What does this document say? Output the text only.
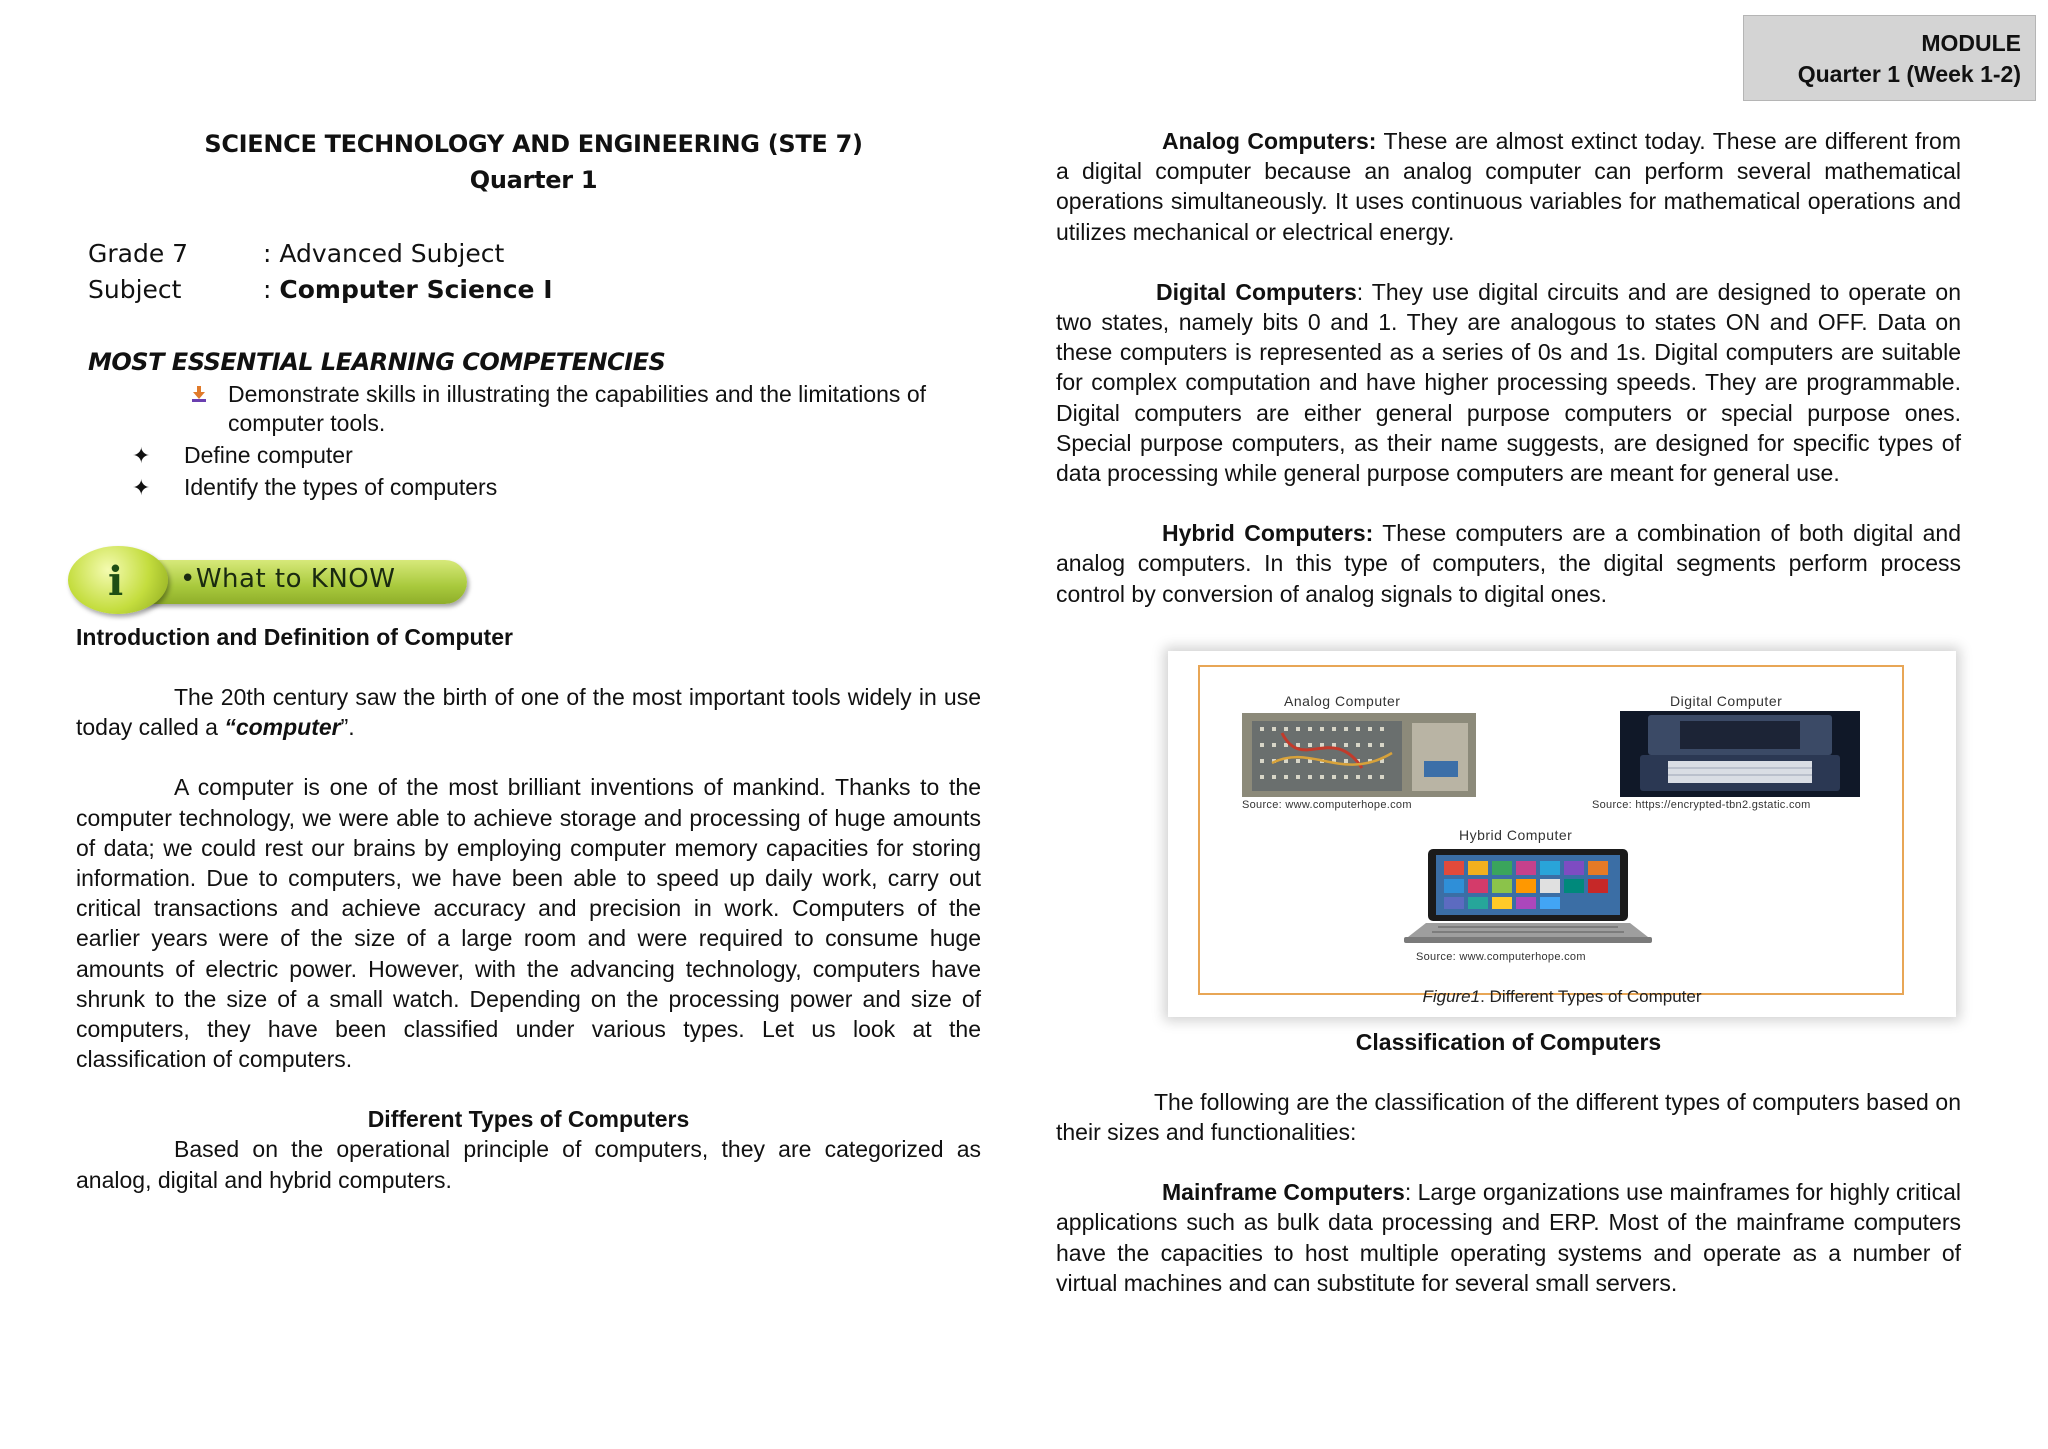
MODULE
Quarter 1 (Week 1-2)
SCIENCE TECHNOLOGY AND ENGINEERING (STE 7)
Quarter 1
Grade 7	: Advanced Subject
Subject	: Computer Science I
MOST ESSENTIAL LEARNING COMPETENCIES
Demonstrate skills in illustrating the capabilities and the limitations of computer tools.
✦	Define computer
✦	Identify the types of computers
i •What to KNOW
Introduction and Definition of Computer

The 20th century saw the birth of one of the most important tools widely in use today called a “computer”.

A computer is one of the most brilliant inventions of mankind. Thanks to the computer technology, we were able to achieve storage and processing of huge amounts of data; we could rest our brains by employing computer memory capacities for storing information. Due to computers, we have been able to speed up daily work, carry out critical transactions and achieve accuracy and precision in work. Computers of the earlier years were of the size of a large room and were required to consume huge amounts of electric power. However, with the advancing technology, computers have shrunk to the size of a small watch. Depending on the processing power and size of computers, they have been classified under various types. Let us look at the classification of computers.

Different Types of Computers

Based on the operational principle of computers, they are categorized as analog, digital and hybrid computers.

Analog Computers: These are almost extinct today. These are different from a digital computer because an analog computer can perform several mathematical operations simultaneously. It uses continuous variables for mathematical operations and utilizes mechanical or electrical energy.

Digital Computers: They use digital circuits and are designed to operate on two states, namely bits 0 and 1. They are analogous to states ON and OFF. Data on these computers is represented as a series of 0s and 1s. Digital computers are suitable for complex computation and have higher processing speeds. They are programmable. Digital computers are either general purpose computers or special purpose ones. Special purpose computers, as their name suggests, are designed for specific types of data processing while general purpose computers are meant for general use.

Hybrid Computers: These computers are a combination of both digital and analog computers. In this type of computers, the digital segments perform process control by conversion of analog signals to digital ones.

Analog Computer
Source: www.computerhope.com
Digital Computer
Source: https://encrypted-tbn2.gstatic.com
Hybrid Computer
Source: www.computerhope.com
Figure1. Different Types of Computer
Classification of Computers

The following are the classification of the different types of computers based on their sizes and functionalities:

Mainframe Computers: Large organizations use mainframes for highly critical applications such as bulk data processing and ERP. Most of the mainframe computers have the capacities to host multiple operating systems and operate as a number of virtual machines and can substitute for several small servers.
